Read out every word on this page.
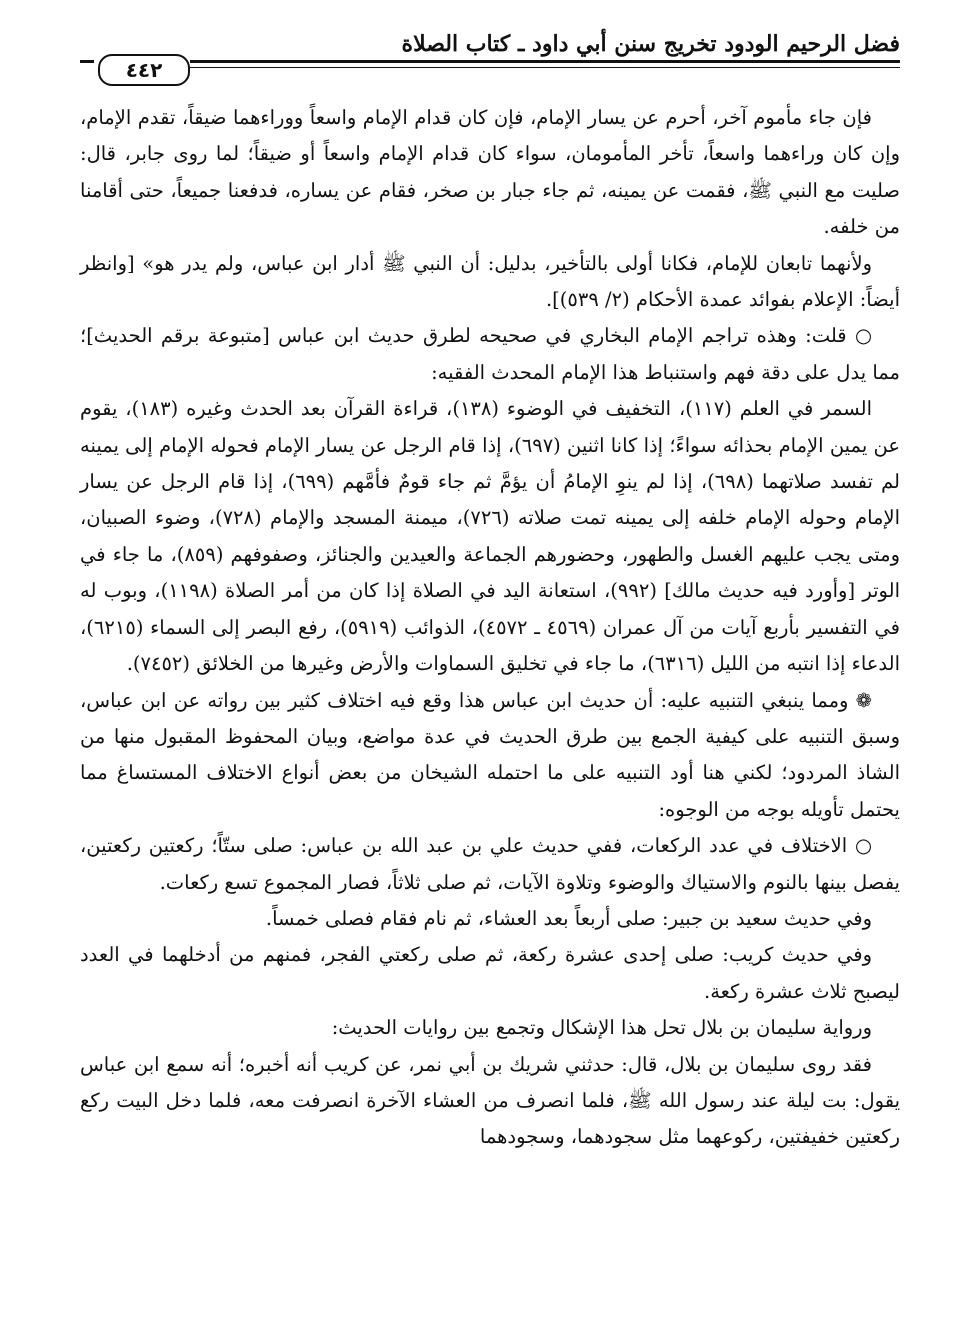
فضل الرحيم الودود تخريج سنن أبي داود ـ كتاب الصلاة
٤٤٢

فإن جاء مأموم آخر، أحرم عن يسار الإمام، فإن كان قدام الإمام واسعاً ووراءهما ضيقاً، تقدم الإمام، وإن كان وراءهما واسعاً، تأخر المأمومان، سواء كان قدام الإمام واسعاً أو ضيقاً؛ لما روى جابر، قال: صليت مع النبي ﷺ، فقمت عن يمينه، ثم جاء جبار بن صخر، فقام عن يساره، فدفعنا جميعاً، حتى أقامنا من خلفه.

ولأنهما تابعان للإمام، فكانا أولى بالتأخير، بدليل: أن النبي ﷺ أدار ابن عباس، ولم يدر هو» [وانظر أيضاً: الإعلام بفوائد عمدة الأحكام (٢/ ٥٣٩)].

○ قلت: وهذه تراجم الإمام البخاري في صحيحه لطرق حديث ابن عباس [متبوعة برقم الحديث]؛ مما يدل على دقة فهم واستنباط هذا الإمام المحدث الفقيه:

السمر في العلم (١١٧)، التخفيف في الوضوء (١٣٨)، قراءة القرآن بعد الحدث وغيره (١٨٣)، يقوم عن يمين الإمام بحذائه سواءً؛ إذا كانا اثنين (٦٩٧)، إذا قام الرجل عن يسار الإمام فحوله الإمام إلى يمينه لم تفسد صلاتهما (٦٩٨)، إذا لم ينوِ الإمامُ أن يؤمَّ ثم جاء قومٌ فأمَّهم (٦٩٩)، إذا قام الرجل عن يسار الإمام وحوله الإمام خلفه إلى يمينه تمت صلاته (٧٢٦)، ميمنة المسجد والإمام (٧٢٨)، وضوء الصبيان، ومتى يجب عليهم الغسل والطهور، وحضورهم الجماعة والعيدين والجنائز، وصفوفهم (٨٥٩)، ما جاء في الوتر [وأورد فيه حديث مالك] (٩٩٢)، استعانة اليد في الصلاة إذا كان من أمر الصلاة (١١٩٨)، وبوب له في التفسير بأربع آيات من آل عمران (٤٥٦٩ ـ ٤٥٧٢)، الذوائب (٥٩١٩)، رفع البصر إلى السماء (٦٢١٥)، الدعاء إذا انتبه من الليل (٦٣١٦)، ما جاء في تخليق السماوات والأرض وغيرها من الخلائق (٧٤٥٢).

❁ ومما ينبغي التنبيه عليه: أن حديث ابن عباس هذا وقع فيه اختلاف كثير بين رواته عن ابن عباس، وسبق التنبيه على كيفية الجمع بين طرق الحديث في عدة مواضع، وبيان المحفوظ المقبول منها من الشاذ المردود؛ لكني هنا أود التنبيه على ما احتمله الشيخان من بعض أنواع الاختلاف المستساغ مما يحتمل تأويله بوجه من الوجوه:

○ الاختلاف في عدد الركعات، ففي حديث علي بن عبد الله بن عباس: صلى ستّاً؛ ركعتين ركعتين، يفصل بينها بالنوم والاستياك والوضوء وتلاوة الآيات، ثم صلى ثلاثاً، فصار المجموع تسع ركعات.

وفي حديث سعيد بن جبير: صلى أربعاً بعد العشاء، ثم نام فقام فصلى خمساً.

وفي حديث كريب: صلى إحدى عشرة ركعة، ثم صلى ركعتي الفجر، فمنهم من أدخلهما في العدد ليصبح ثلاث عشرة ركعة.

ورواية سليمان بن بلال تحل هذا الإشكال وتجمع بين روايات الحديث:

فقد روى سليمان بن بلال، قال: حدثني شريك بن أبي نمر، عن كريب أنه أخبره؛ أنه سمع ابن عباس يقول: بت ليلة عند رسول الله ﷺ، فلما انصرف من العشاء الآخرة انصرفت معه، فلما دخل البيت ركع ركعتين خفيفتين، ركوعهما مثل سجودهما، وسجودهما
